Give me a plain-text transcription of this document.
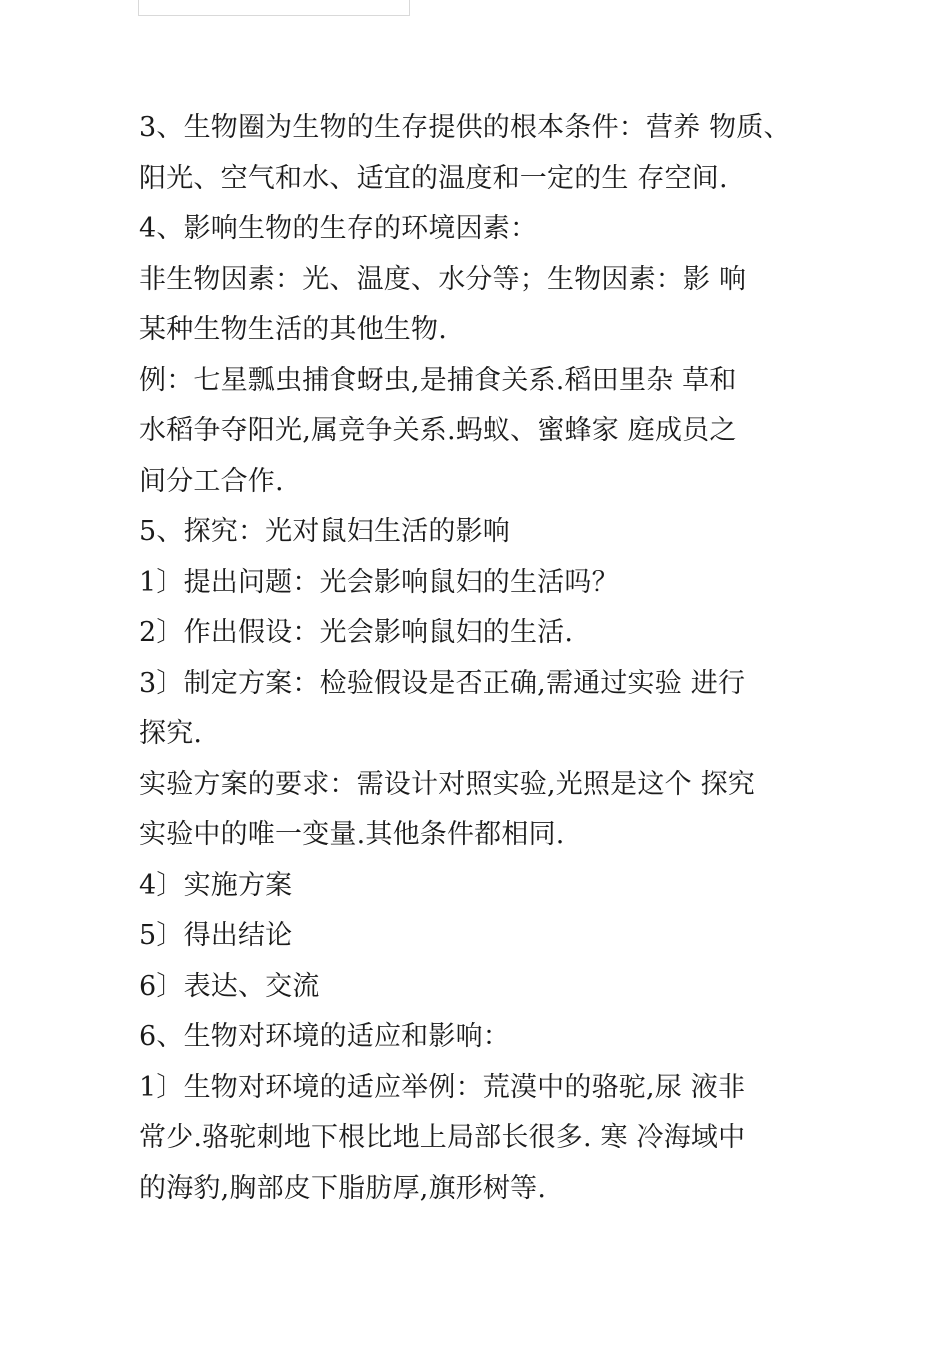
3、生物圈为生物的生存提供的根本条件：营养 物质、
阳光、空气和水、适宜的温度和一定的生 存空间.
4、影响生物的生存的环境因素：
非生物因素：光、温度、水分等；生物因素：影 响
某种生物生活的其他生物.
例：七星瓢虫捕食蚜虫,是捕食关系.稻田里杂 草和
水稻争夺阳光,属竞争关系.蚂蚁、蜜蜂家 庭成员之
间分工合作.
5、探究：光对鼠妇生活的影响
1〕提出问题：光会影响鼠妇的生活吗？
2〕作出假设：光会影响鼠妇的生活.
3〕制定方案：检验假设是否正确,需通过实验 进行
探究.
实验方案的要求：需设计对照实验,光照是这个 探究
实验中的唯一变量.其他条件都相同.
4〕实施方案
5〕得出结论
6〕表达、交流
6、生物对环境的适应和影响：
1〕生物对环境的适应举例：荒漠中的骆驼,尿 液非
常少.骆驼刺地下根比地上局部长很多. 寒 冷海域中
的海豹,胸部皮下脂肪厚,旗形树等.
